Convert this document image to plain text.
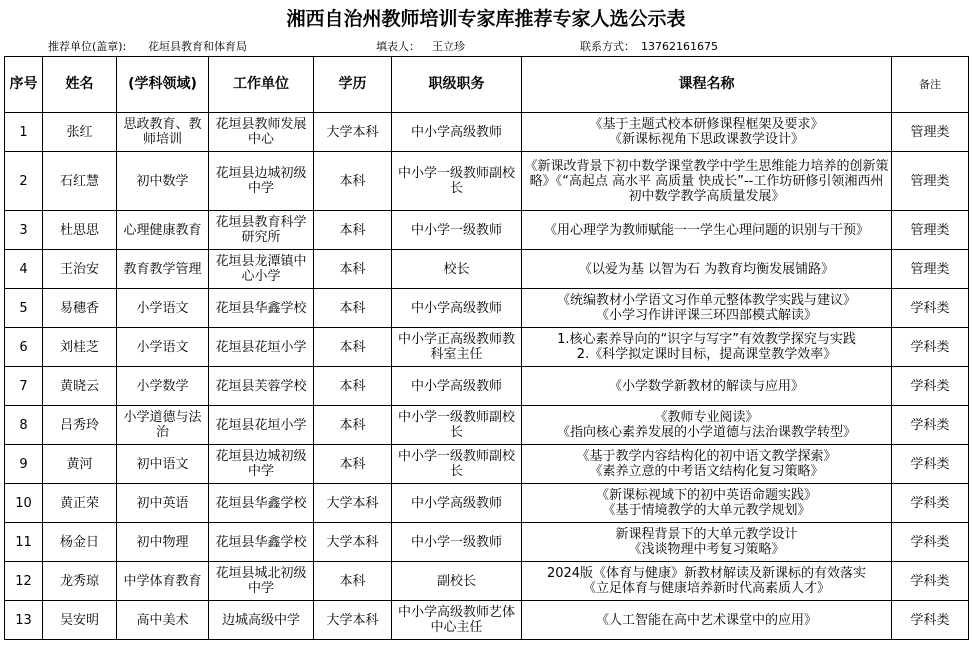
湘西自治州教师培训专家库推荐专家人选公示表
推荐单位(盖章): 花垣县教育和体育局	填表人： 王立珍	联系方式： 13762161675
序号	姓名	(学科领域)	工作单位	学历	职级职务	课程名称	备注
1	张红	思政教育、教师培训	花垣县教师发展中心	大学本科	中小学高级教师	《基于主题式校本研修课程框架及要求》
《新课标视角下思政课教学设计》	管理类
2	石红慧	初中数学	花垣县边城初级中学	本科	中小学一级教师副校长	《新课改背景下初中数学课堂教学中学生思维能力培养的创新策略》《“高起点 高水平 高质量 快成长”--工作坊研修引领湘西州初中数学教学高质量发展》	管理类
3	杜思思	心理健康教育	花垣县教育科学研究所	本科	中小学一级教师	《用心理学为教师赋能一一学生心理问题的识别与干预》	管理类
4	王治安	教育教学管理	花垣县龙潭镇中心小学	本科	校长	《以爱为基 以智为石 为教育均衡发展铺路》	管理类
5	易穗香	小学语文	花垣县华鑫学校	本科	中小学高级教师	《统编教材小学语文习作单元整体教学实践与建议》
《小学习作讲评课三环四部模式解读》	学科类
6	刘桂芝	小学语文	花垣县花垣小学	本科	中小学正高级教师教科室主任	1.核心素养导向的“识字与写字”有效教学探究与实践
2.《科学拟定课时目标，提高课堂教学效率》	学科类
7	黄晓云	小学数学	花垣县芙蓉学校	本科	中小学高级教师	《小学数学新教材的解读与应用》	学科类
8	吕秀玲	小学道德与法治	花垣县花垣小学	本科	中小学一级教师副校长	《教师专业阅读》
《指向核心素养发展的小学道德与法治课教学转型》	学科类
9	黄河	初中语文	花垣县边城初级中学	本科	中小学一级教师副校长	《基于教学内容结构化的初中语文教学探索》
《素养立意的中考语文结构化复习策略》	学科类
10	黄正荣	初中英语	花垣县华鑫学校	大学本科	中小学高级教师	《新课标视域下的初中英语命题实践》
《基于情境教学的大单元教学规划》	学科类
11	杨金日	初中物理	花垣县华鑫学校	大学本科	中小学一级教师	新课程背景下的大单元教学设计
《浅谈物理中考复习策略》	学科类
12	龙秀琼	中学体育教育	花垣县城北初级中学	本科	副校长	2024版《体育与健康》新教材解读及新课标的有效落实
《立足体育与健康培养新时代高素质人才》	学科类
13	吴安明	高中美术	边城高级中学	大学本科	中小学高级教师艺体中心主任	《人工智能在高中艺术课堂中的应用》	学科类
